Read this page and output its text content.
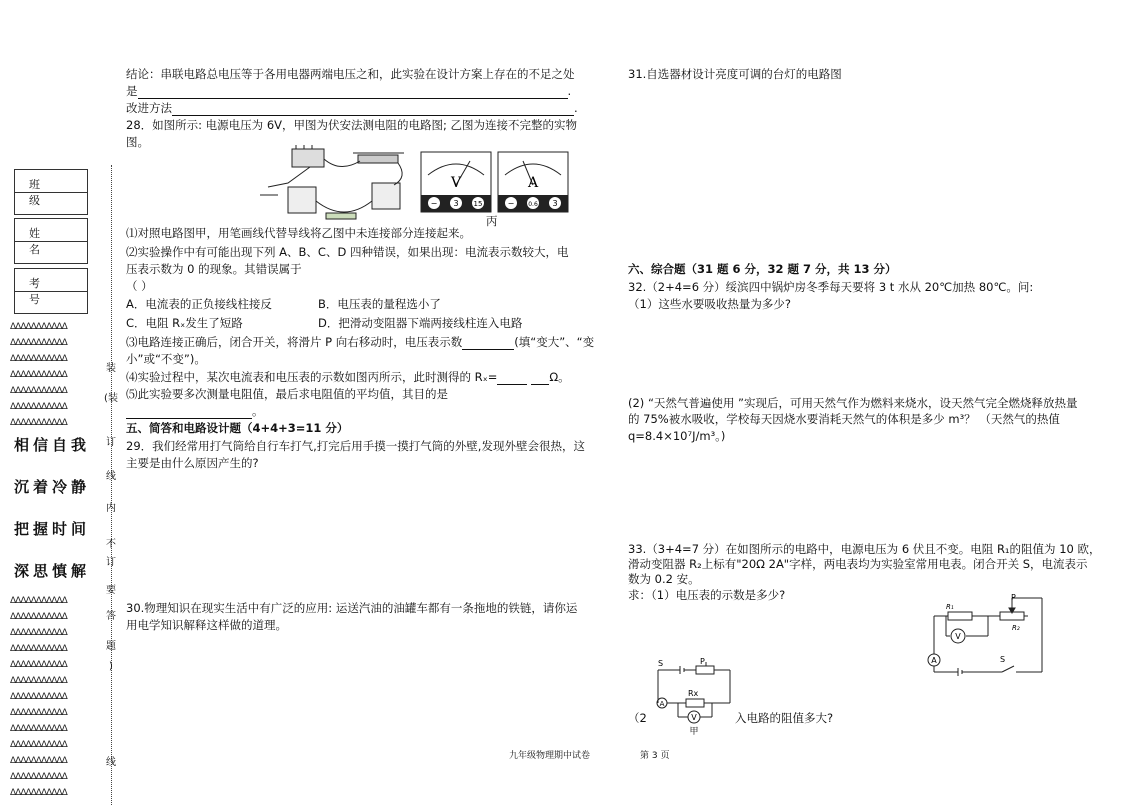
班 级
姓 名
考 号
ΔΔΔΔΔΔΔΔΔΔΔ
ΔΔΔΔΔΔΔΔΔΔΔ
ΔΔΔΔΔΔΔΔΔΔΔ
ΔΔΔΔΔΔΔΔΔΔΔ
ΔΔΔΔΔΔΔΔΔΔΔ
ΔΔΔΔΔΔΔΔΔΔΔ
ΔΔΔΔΔΔΔΔΔΔΔ
相信自我
沉着冷静
把握时间
深思慎解
ΔΔΔΔΔΔΔΔΔΔΔ
ΔΔΔΔΔΔΔΔΔΔΔ
ΔΔΔΔΔΔΔΔΔΔΔ
ΔΔΔΔΔΔΔΔΔΔΔ
ΔΔΔΔΔΔΔΔΔΔΔ
ΔΔΔΔΔΔΔΔΔΔΔ
ΔΔΔΔΔΔΔΔΔΔΔ
ΔΔΔΔΔΔΔΔΔΔΔ
ΔΔΔΔΔΔΔΔΔΔΔ
ΔΔΔΔΔΔΔΔΔΔΔ
ΔΔΔΔΔΔΔΔΔΔΔ
ΔΔΔΔΔΔΔΔΔΔΔ
ΔΔΔΔΔΔΔΔΔΔΔ
装
(装
订
线
内
不
订
要
答
题
)
线
结论：串联电路总电压等于各用电器两端电压之和，此实验在设计方案上存在的不足之处
是	.
改进方法	.
28．如图所示: 电源电压为 6V，甲图为伏安法测电阻的电路图; 乙图为连接不完整的实物
图。
V
− 3 15
A
− 0.6 3
丙
⑴对照电路图甲，用笔画线代替导线将乙图中未连接部分连接起来。
⑵实验操作中有可能出现下列 A、B、C、D 四种错误，如果出现：电流表示数较大，电
压表示数为 0 的现象。其错误属于
（ ）
A．电流表的正负接线柱接反	B．电压表的量程选小了
C．电阻 Rₓ发生了短路	D．把滑动变阻器下端两接线柱连入电路
⑶电路连接正确后，闭合开关，将滑片 P 向右移动时，电压表示数	(填“变大”、“变
小”或“不变”)。
⑷实验过程中，某次电流表和电压表的示数如图丙所示，此时测得的 Rₓ=	Ω。
⑸此实验要多次测量电阻值，最后求电阻值的平均值，其目的是
。
五、简答和电路设计题（4+4+3=11 分）
29．我们经常用打气筒给自行车打气,打完后用手摸一摸打气筒的外壁,发现外壁会很热，这
主要是由什么原因产生的?
30.物理知识在现实生活中有广泛的应用: 运送汽油的油罐车都有一条拖地的铁链，请你运
用电学知识解释这样做的道理。
31.自选器材设计亮度可调的台灯的电路图
六、综合题（31 题 6 分，32 题 7 分，共 13 分）
32.（2+4=6 分）绥滨四中锅炉房冬季每天要将 3 t 水从 20℃加热 80℃。问:
（1）这些水要吸收热量为多少?
(2) “天然气普遍使用 ”实现后，可用天然气作为燃料来烧水，设天然气完全燃烧释放热量
的 75%被水吸收，学校每天因烧水要消耗天然气的体积是多少 m³？ （天然气的热值
q=8.4×10⁷J/m³。)
33.（3+4=7 分）在如图所示的电路中，电源电压为 6 伏且不变。电阻 R₁的阻值为 10 欧，
滑动变阻器 R₂上标有"20Ω 2A"字样，两电表均为实验室常用电表。闭合开关 S，电流表示
数为 0.2 安。
求：（1）电压表的示数是多少?	P
R₁
R₂
V
A	S
S	P
A
Rx
V
甲
（2	入电路的阻值多大?
九年级物理期中试卷	第 3 页
